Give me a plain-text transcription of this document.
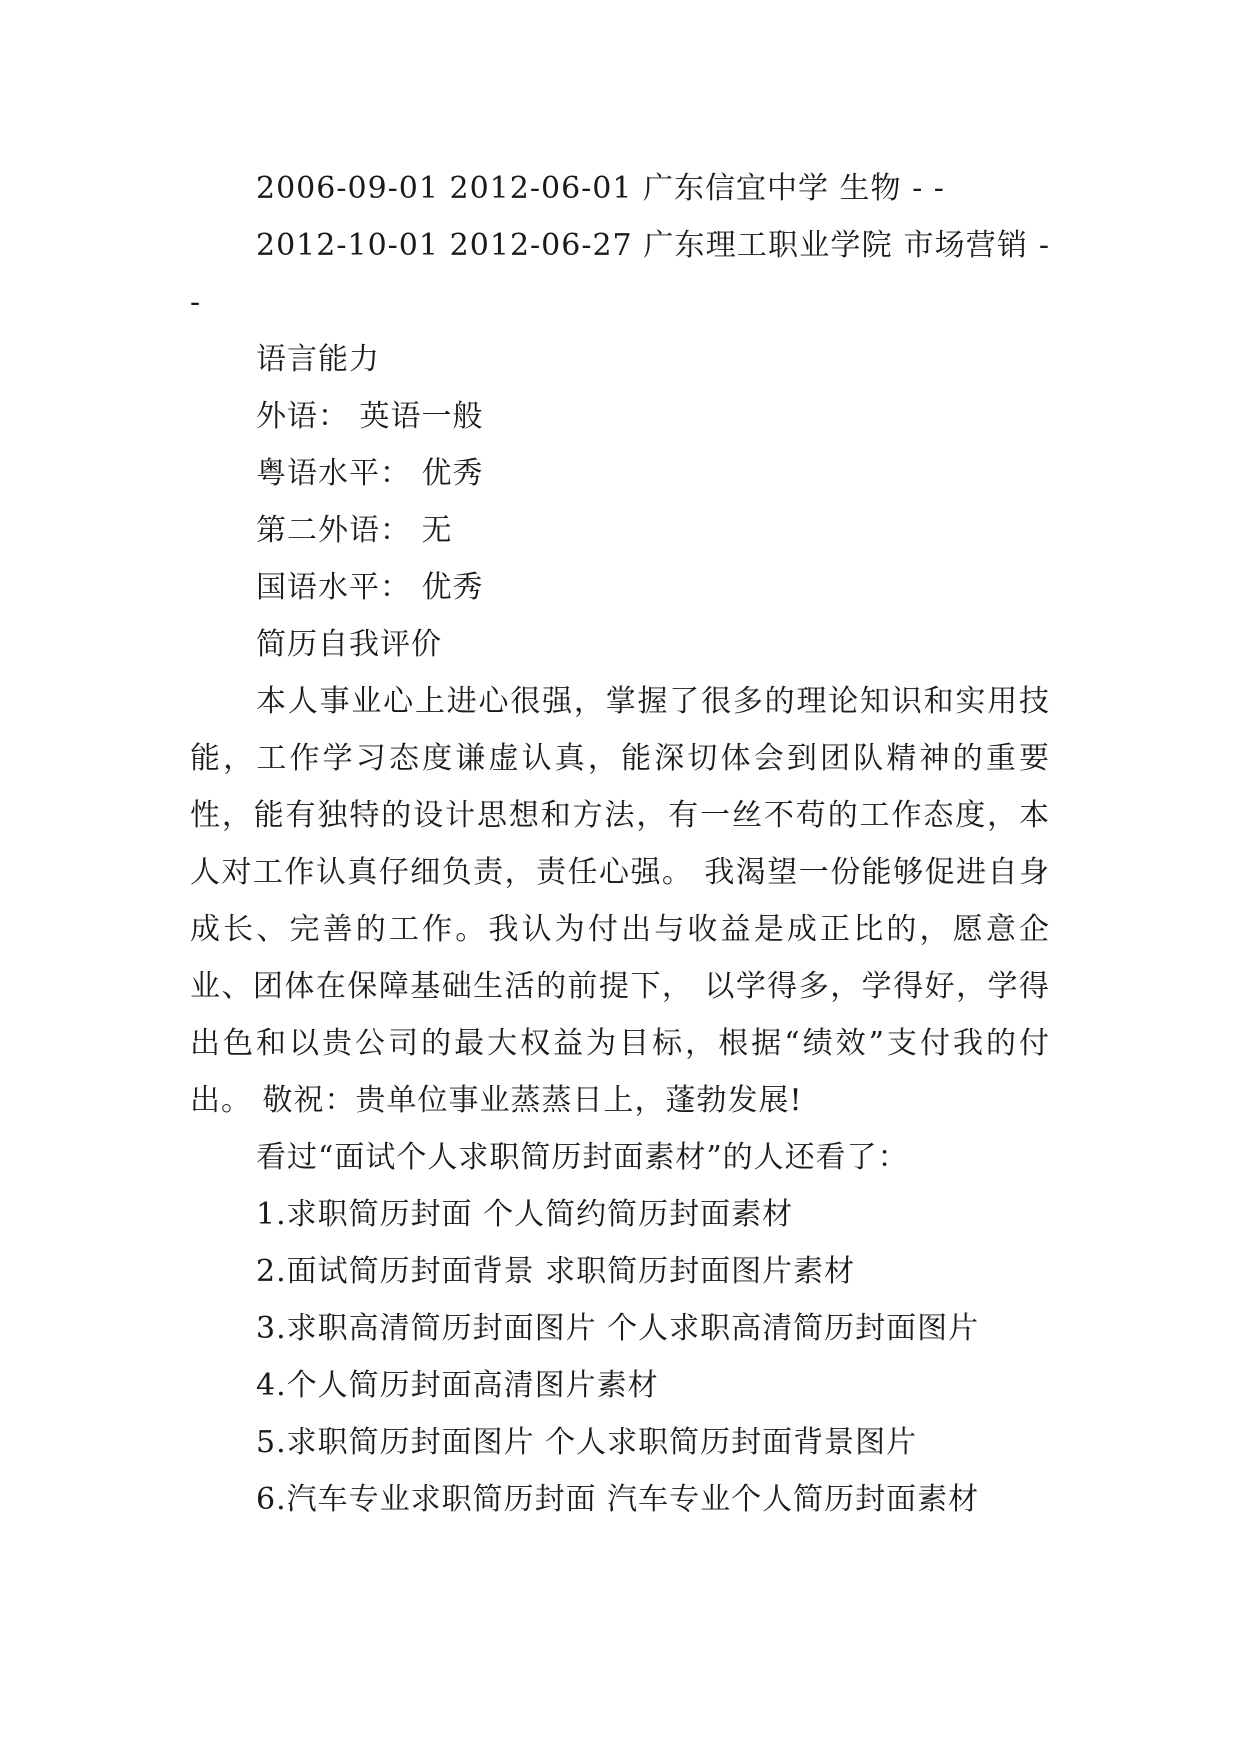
2006-09-01 2012-06-01 广东信宜中学 生物 - -
2012-10-01 2012-06-27 广东理工职业学院 市场营销 - -
语言能力
外语： 英语一般
粤语水平： 优秀
第二外语： 无
国语水平： 优秀
简历自我评价
本人事业心上进心很强，掌握了很多的理论知识和实用技能，工作学习态度谦虚认真，能深切体会到团队精神的重要性，能有独特的设计思想和方法，有一丝不苟的工作态度，本人对工作认真仔细负责，责任心强。 我渴望一份能够促进自身成长、完善的工作。我认为付出与收益是成正比的，愿意企业、团体在保障基础生活的前提下， 以学得多，学得好，学得出色和以贵公司的最大权益为目标，根据“绩效”支付我的付出。 敬祝：贵单位事业蒸蒸日上，蓬勃发展!
看过“面试个人求职简历封面素材”的人还看了：
1.求职简历封面 个人简约简历封面素材
2.面试简历封面背景 求职简历封面图片素材
3.求职高清简历封面图片 个人求职高清简历封面图片
4.个人简历封面高清图片素材
5.求职简历封面图片 个人求职简历封面背景图片
6.汽车专业求职简历封面 汽车专业个人简历封面素材
